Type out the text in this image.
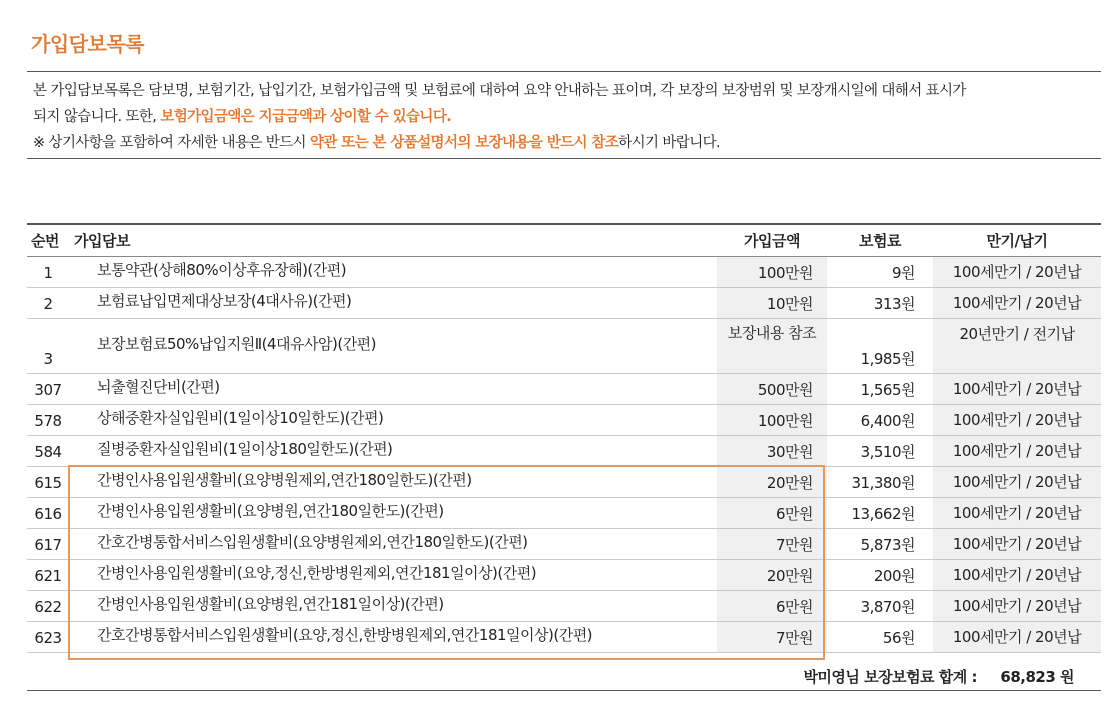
가입담보목록
본 가입담보목록은 담보명, 보험기간, 납입기간, 보험가입금액 및 보험료에 대하여 요약 안내하는 표이며, 각 보장의 보장범위 및 보장개시일에 대해서 표시가
되지 않습니다. 또한, 보험가입금액은 지급금액과 상이할 수 있습니다.
※ 상기사항을 포함하여 자세한 내용은 반드시 약관 또는 본 상품설명서의 보장내용을 반드시 참조하시기 바랍니다.
순번	가입담보	가입금액	보험료	만기/납기
1	보통약관(상해80%이상후유장해)(간편)	100만원	9원	100세만기 / 20년납
2	보험료납입면제대상보장(4대사유)(간편)	10만원	313원	100세만기 / 20년납
3	보장보험료50%납입지원Ⅱ(4대유사암)(간편)	보장내용 참조	1,985원	20년만기 / 전기납
307	뇌출혈진단비(간편)	500만원	1,565원	100세만기 / 20년납
578	상해중환자실입원비(1일이상10일한도)(간편)	100만원	6,400원	100세만기 / 20년납
584	질병중환자실입원비(1일이상180일한도)(간편)	30만원	3,510원	100세만기 / 20년납
615	간병인사용입원생활비(요양병원제외,연간180일한도)(간편)	20만원	31,380원	100세만기 / 20년납
616	간병인사용입원생활비(요양병원,연간180일한도)(간편)	6만원	13,662원	100세만기 / 20년납
617	간호간병통합서비스입원생활비(요양병원제외,연간180일한도)(간편)	7만원	5,873원	100세만기 / 20년납
621	간병인사용입원생활비(요양,정신,한방병원제외,연간181일이상)(간편)	20만원	200원	100세만기 / 20년납
622	간병인사용입원생활비(요양병원,연간181일이상)(간편)	6만원	3,870원	100세만기 / 20년납
623	간호간병통합서비스입원생활비(요양,정신,한방병원제외,연간181일이상)(간편)	7만원	56원	100세만기 / 20년납
박미영님 보장보험료 합계 : 68,823 원
